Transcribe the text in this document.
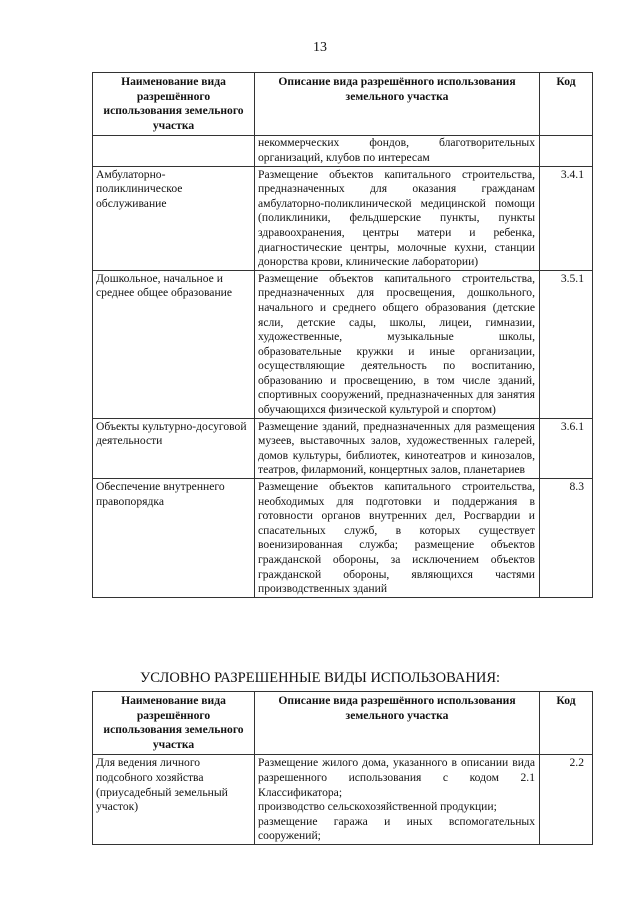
13
Наименование вида разрешённого использования земельного участка	Описание вида разрешённого использования земельного участка	Код
	некоммерческих фондов, благотворительных организаций, клубов по интересам	
Амбулаторно-поликлиническое обслуживание	Размещение объектов капитального строительства, предназначенных для оказания гражданам амбулаторно-поликлинической медицинской помощи (поликлиники, фельдшерские пункты, пункты здравоохранения, центры матери и ребенка, диагностические центры, молочные кухни, станции донорства крови, клинические лаборатории)	3.4.1
Дошкольное, начальное и среднее общее образование	Размещение объектов капитального строительства, предназначенных для просвещения, дошкольного, начального и среднего общего образования (детские ясли, детские сады, школы, лицеи, гимназии, художественные, музыкальные школы, образовательные кружки и иные организации, осуществляющие деятельность по воспитанию, образованию и просвещению, в том числе зданий, спортивных сооружений, предназначенных для занятия обучающихся физической культурой и спортом)	3.5.1
Объекты культурно-досуговой деятельности	Размещение зданий, предназначенных для размещения музеев, выставочных залов, художественных галерей, домов культуры, библиотек, кинотеатров и кинозалов, театров, филармоний, концертных залов, планетариев	3.6.1
Обеспечение внутреннего правопорядка	Размещение объектов капитального строительства, необходимых для подготовки и поддержания в готовности органов внутренних дел, Росгвардии и спасательных служб, в которых существует военизированная служба; размещение объектов гражданской обороны, за исключением объектов гражданской обороны, являющихся частями производственных зданий	8.3
УСЛОВНО РАЗРЕШЕННЫЕ ВИДЫ ИСПОЛЬЗОВАНИЯ:
Наименование вида разрешённого использования земельного участка	Описание вида разрешённого использования земельного участка	Код
Для ведения личного подсобного хозяйства (приусадебный земельный участок)	Размещение жилого дома, указанного в описании вида разрешенного использования с кодом 2.1 Классификатора;
производство сельскохозяйственной продукции;
размещение гаража и иных вспомогательных сооружений;	2.2
